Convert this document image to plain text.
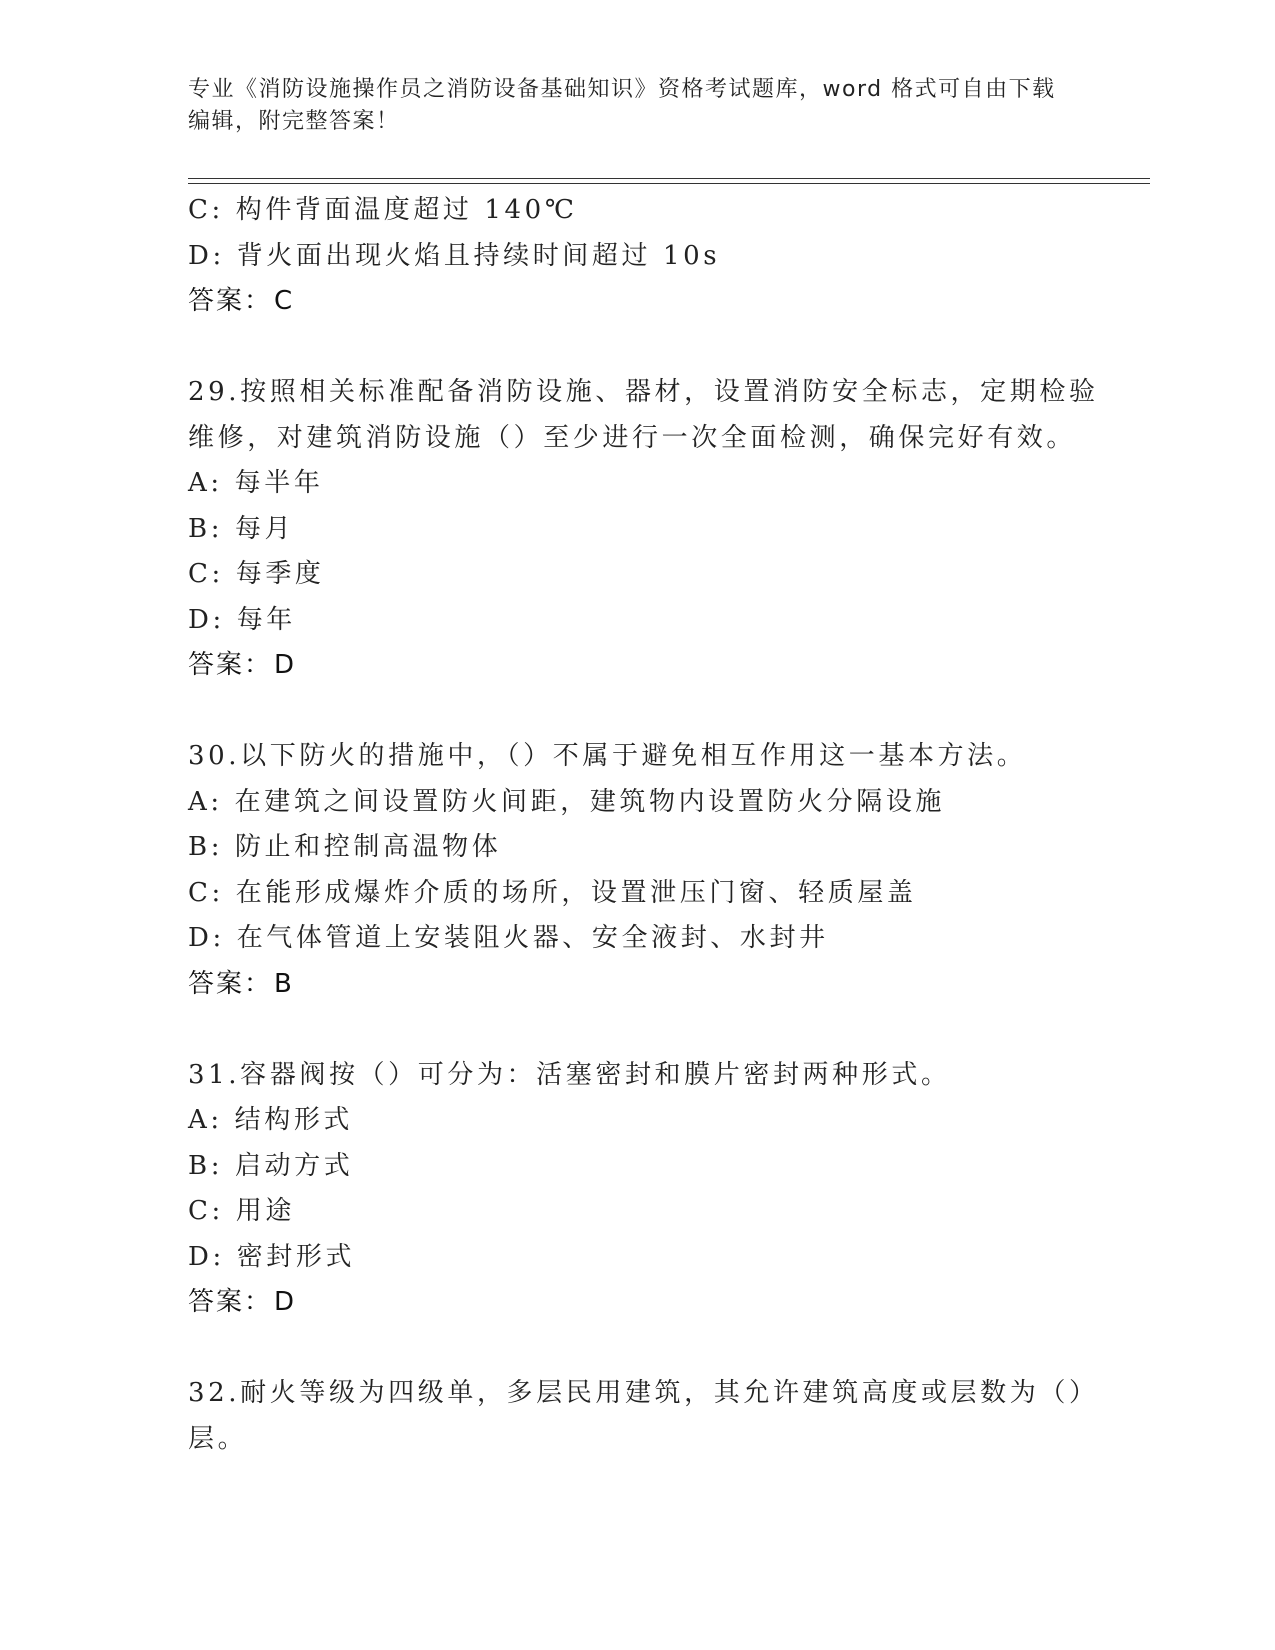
专业《消防设施操作员之消防设备基础知识》资格考试题库，word 格式可自由下载编辑，附完整答案！
C: 构件背面温度超过 140℃
D: 背火面出现火焰且持续时间超过 10s
答案：C
29.按照相关标准配备消防设施、器材，设置消防安全标志，定期检验
维修，对建筑消防设施（）至少进行一次全面检测，确保完好有效。
A: 每半年
B: 每月
C: 每季度
D: 每年
答案：D
30.以下防火的措施中，（）不属于避免相互作用这一基本方法。
A: 在建筑之间设置防火间距，建筑物内设置防火分隔设施
B: 防止和控制高温物体
C: 在能形成爆炸介质的场所，设置泄压门窗、轻质屋盖
D: 在气体管道上安装阻火器、安全液封、水封井
答案：B
31.容器阀按（）可分为：活塞密封和膜片密封两种形式。
A: 结构形式
B: 启动方式
C: 用途
D: 密封形式
答案：D
32.耐火等级为四级单，多层民用建筑，其允许建筑高度或层数为（）
层。
